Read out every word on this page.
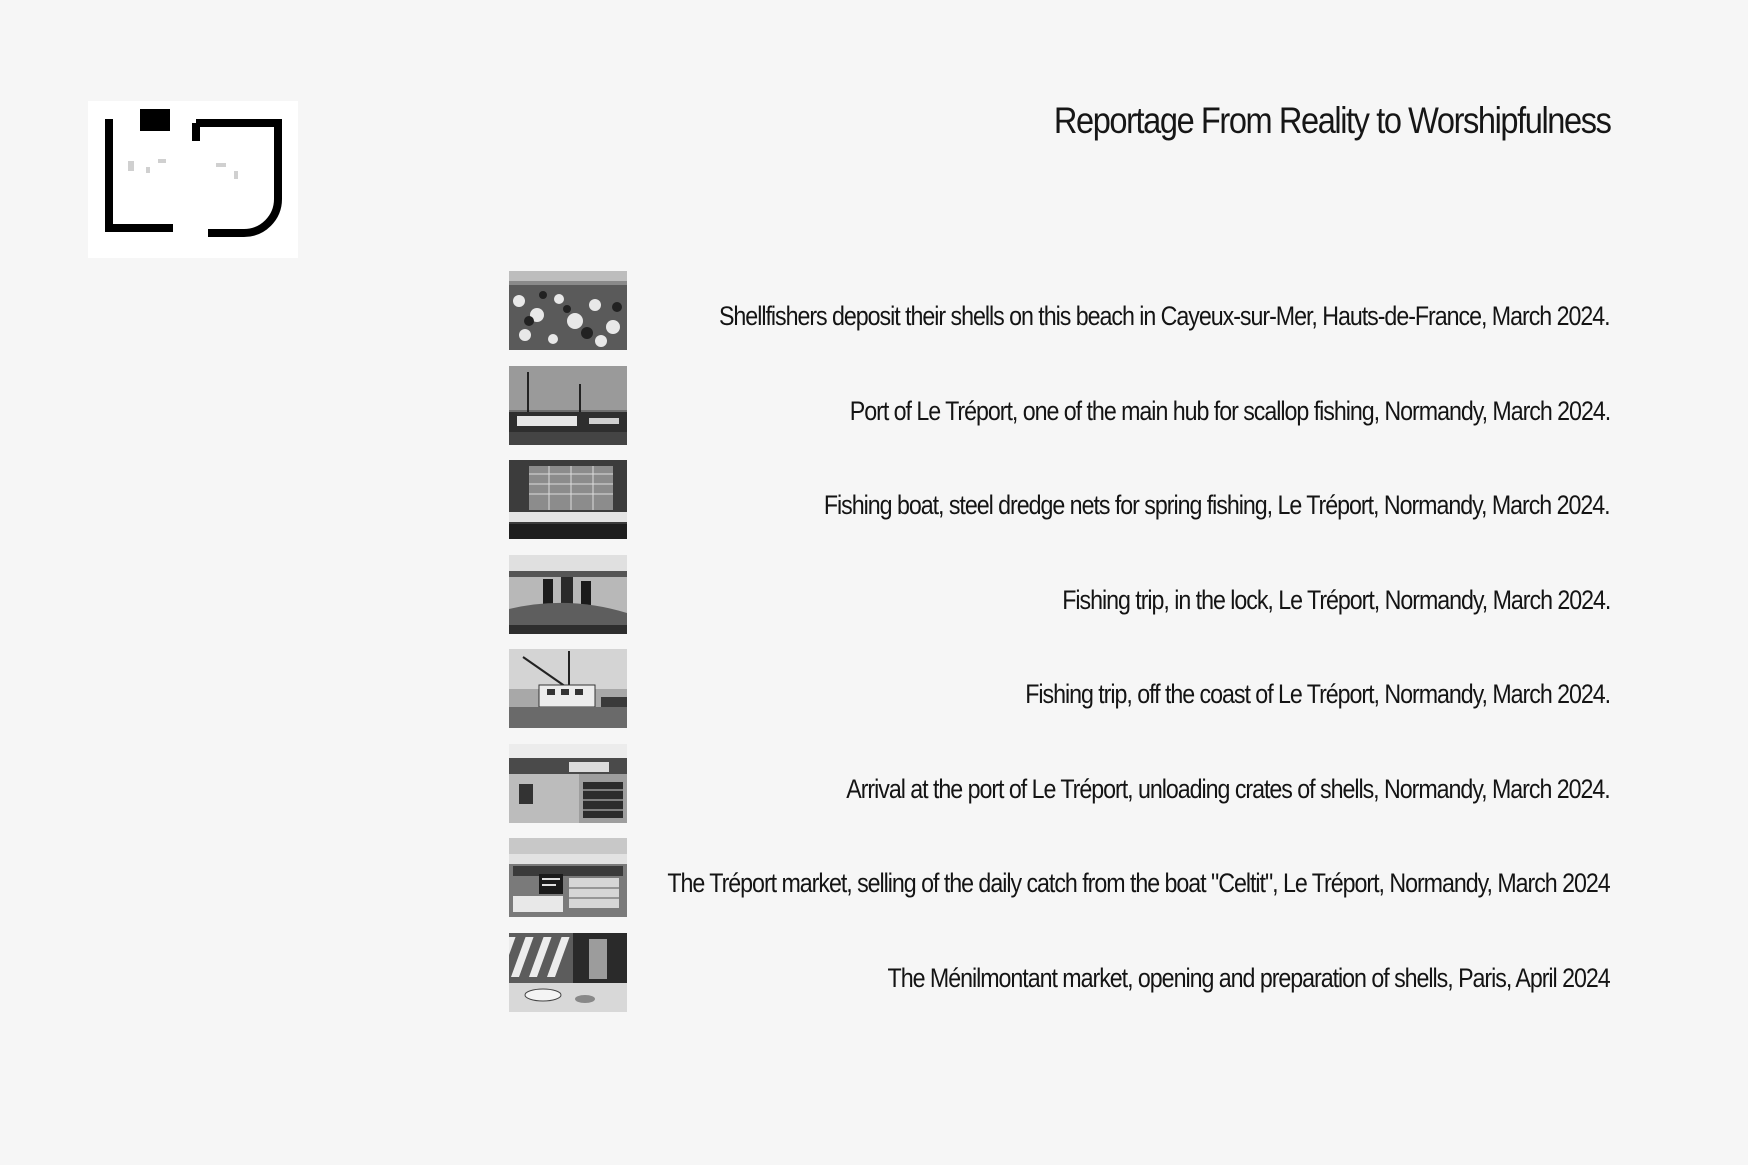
Reportage From Reality to Worshipfulness
Shellfishers deposit their shells on this beach in Cayeux-sur-Mer, Hauts-de-France, March 2024.
Port of Le Tréport, one of the main hub for scallop fishing, Normandy, March 2024.
Fishing boat, steel dredge nets for spring fishing, Le Tréport, Normandy, March 2024.
Fishing trip, in the lock, Le Tréport, Normandy, March 2024.
Fishing trip, off the coast of Le Tréport, Normandy, March 2024.
Arrival at the port of Le Tréport, unloading crates of shells, Normandy, March 2024.
The Tréport market, selling of the daily catch from the boat "Celtit", Le Tréport, Normandy, March 2024
The Ménilmontant market, opening and preparation of shells, Paris, April 2024
